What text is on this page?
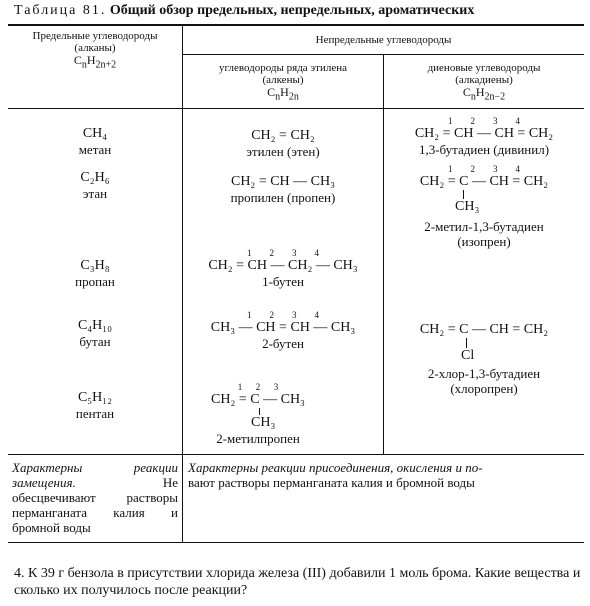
Таблица 81. Общий обзор предельных, непредельных, ароматических
Предельные углеводороды
(алканы)
$C_nH_{2n+2}$
Непредельные углеводороды
углеводороды ряда этилена
(алкены)
$C_nH_{2n}$
диеновые углеводороды
(алкадиены)
$C_nH_{2n-2}$
CH₄
метан
C₂H₆
этан
C₃H₈
пропан
C₄H₁₀
бутан
C₅H₁₂
пентан
CH₂ = CH₂
этилен (этен)
CH₂ = CH — CH₃
пропилен (пропен)
1        2        3        4
CH₂ = CH — CH₂ — CH₃
1-бутен
1        2        3        4
CH₃ — CH = CH — CH₃
2-бутен
1      2      3
CH₂ = C — CH₃
CH₃
2-метилпропен
1        2        3        4
CH₂ = CH — CH = CH₂
1,3-бутадиен (дивинил)
1        2        3        4
CH₂ = C — CH = CH₂
CH₃
2-метил-1,3-бутадиен
(изопрен)
CH₂ = C — CH = CH₂
Cl
2-хлор-1,3-бутадиен
(хлоропрен)
Характерны реакции замещения.	Не обесцвечивают растворы перманганата калия и бромной воды
Характерны реакции присоединения, окисления и по-
вают растворы перманганата калия и бромной воды
4. К 39 г бензола в присутствии хлорида железа (III) добавили 1 моль брома. Какие вещества и сколько их получилось после реакции?
